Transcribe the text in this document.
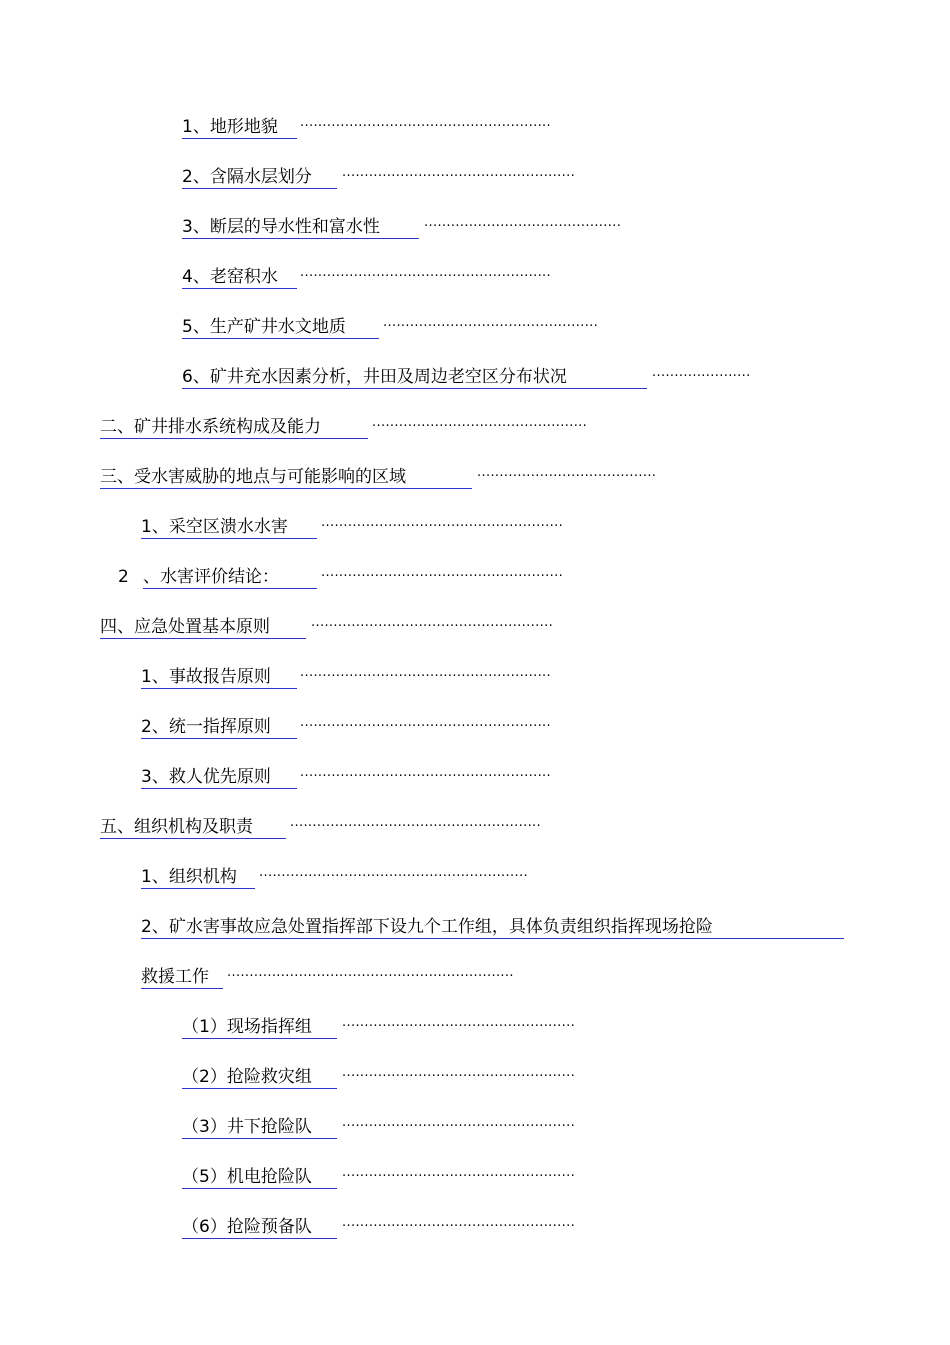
1、地形地貌 ........................................................
2、含隔水层划分 ....................................................
3、断层的导水性和富水性	............................................
4、老窑积水 ........................................................
5、生产矿井水文地质	................................................
6、矿井充水因素分析，井田及周边老空区分布状况	......................
二、矿井排水系统构成及能力	................................................
三、受水害威胁的地点与可能影响的区域	........................................
1、采空区溃水水害	......................................................
2 、水害评价结论：	......................................................
四、应急处置基本原则	......................................................
1、事故报告原则 ........................................................
2、统一指挥原则 ........................................................
3、救人优先原则 ........................................................
五、组织机构及职责	........................................................
1、组织机构 ............................................................
2、矿水害事故应急处置指挥部下设九个工作组，具体负责组织指挥现场抢险
救援工作 ................................................................
（1）现场指挥组 ....................................................
（2）抢险救灾组 ....................................................
（3）井下抢险队 ....................................................
（5）机电抢险队 ....................................................
（6）抢险预备队 ....................................................
